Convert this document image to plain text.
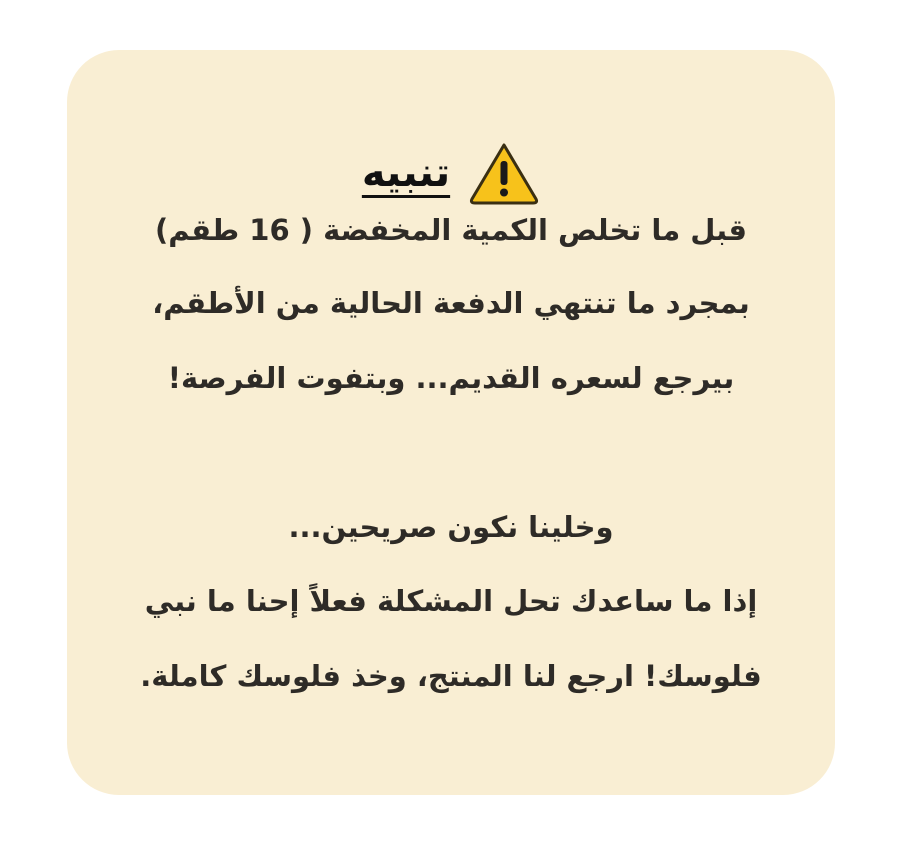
تنبيه
قبل ما تخلص الكمية المخفضة ( 16 طقم)
بمجرد ما تنتهي الدفعة الحالية من الأطقم،
بيرجع لسعره القديم... وبتفوت الفرصة!
وخلينا نكون صريحين...
إذا ما ساعدك تحل المشكلة فعلاً إحنا ما نبي
فلوسك! ارجع لنا المنتج، وخذ فلوسك كاملة.
